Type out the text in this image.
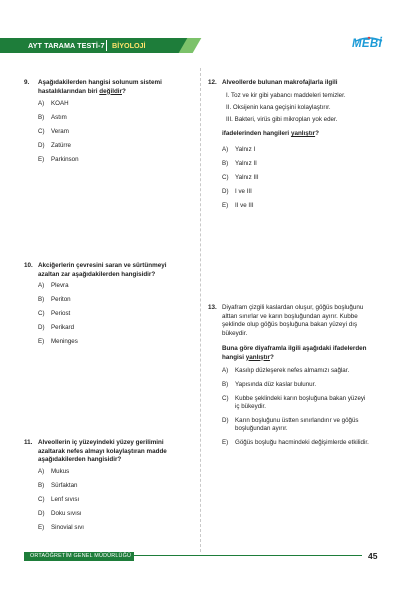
AYT TARAMA TESTİ-7 BİYOLOJİ	MEBİ
9. Aşağıdakilerden hangisi solunum sistemi
hastalıklarından biri değildir?
A) KOAH
B) Astım
C) Veram
D) Zatürre
E) Parkinson
10. Akciğerlerin çevresini saran ve sürtünmeyi
azaltan zar aşağıdakilerden hangisidir?
A) Plevra
B) Periton
C) Periost
D) Perikard
E) Meninges
11. Alveollerin iç yüzeyindeki yüzey gerilimini
azaltarak nefes almayı kolaylaştıran madde
aşağıdakilerden hangisidir?
A) Mukus
B) Sürfaktan
C) Lenf sıvısı
D) Doku sıvısı
E) Sinovial sıvı
12. Alveollerde bulunan makrofajlarla ilgili
I. Toz ve kir gibi yabancı maddeleri temizler.
II. Oksijenin kana geçişini kolaylaştırır.
III. Bakteri, virüs gibi mikropları yok eder.
ifadelerinden hangileri yanlıştır?
A) Yalnız I
B) Yalnız II
C) Yalnız III
D) I ve III
E) II ve III
13. Diyafram çizgili kaslardan oluşur, göğüs boşluğunu
alttan sınırlar ve karın boşluğundan ayırır. Kubbe
şeklinde olup göğüs boşluğuna bakan yüzeyi dış
bükeydir.
Buna göre diyaframla ilgili aşağıdaki ifadelerden
hangisi yanlıştır?
A) Kasılıp düzleşerek nefes almamızı sağlar.
B) Yapısında düz kaslar bulunur.
C) Kubbe şeklindeki karın boşluğuna bakan yüzeyi
iç bükeydir.
D) Karın boşluğunu üstten sınırlandırır ve göğüs
boşluğundan ayırır.
E) Göğüs boşluğu hacmindeki değişimlerde etkilidir.
ORTAÖĞRETİM GENEL MÜDÜRLÜĞÜ	45
